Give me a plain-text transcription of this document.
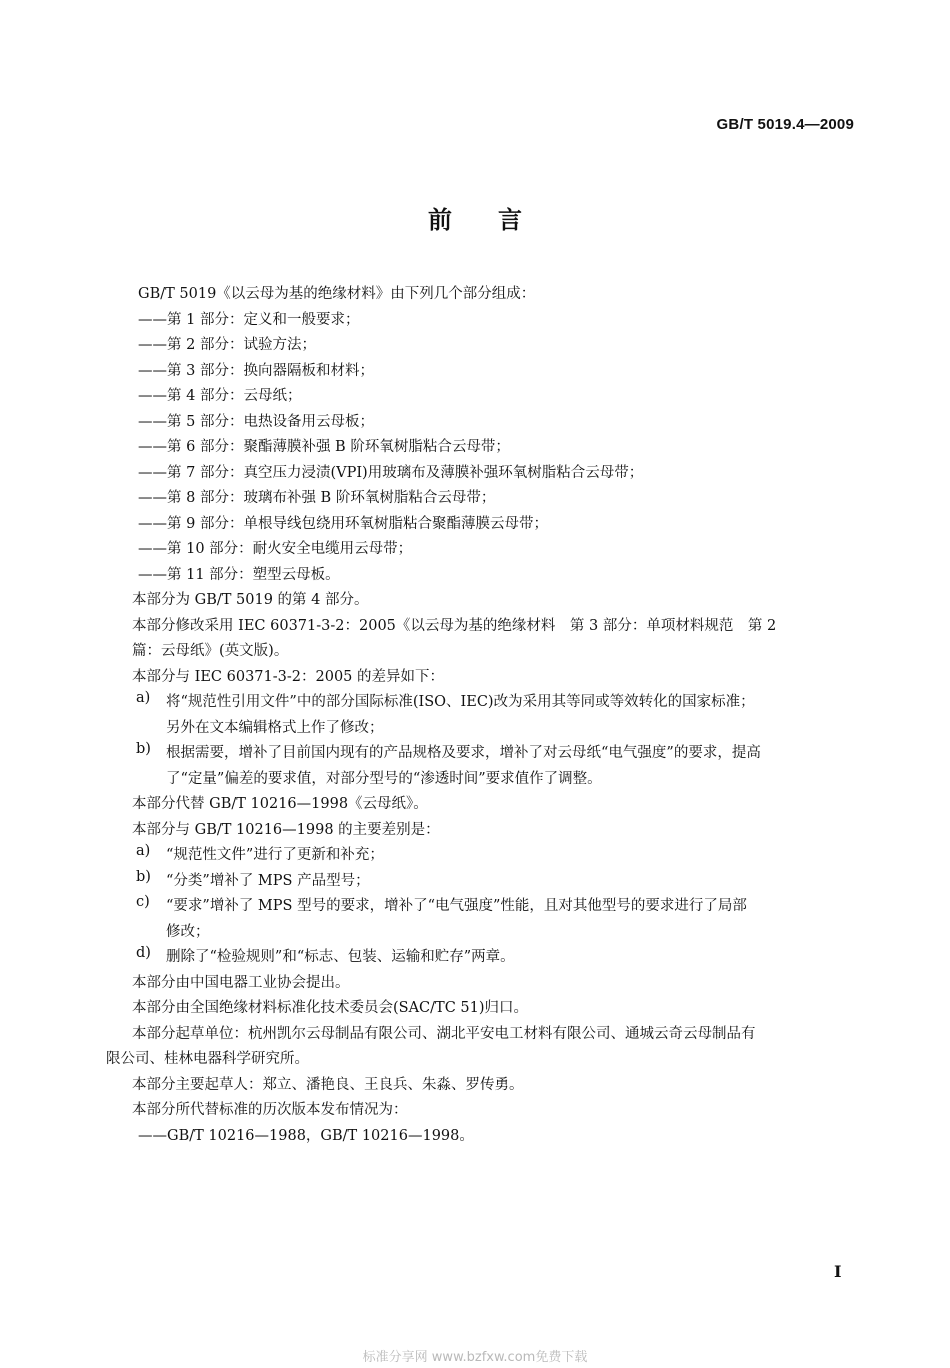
GB/T 5019.4—2009
前言
GB/T 5019《以云母为基的绝缘材料》由下列几个部分组成：
——第 1 部分：定义和一般要求；
——第 2 部分：试验方法；
——第 3 部分：换向器隔板和材料；
——第 4 部分：云母纸；
——第 5 部分：电热设备用云母板；
——第 6 部分：聚酯薄膜补强 B 阶环氧树脂粘合云母带；
——第 7 部分：真空压力浸渍(VPI)用玻璃布及薄膜补强环氧树脂粘合云母带；
——第 8 部分：玻璃布补强 B 阶环氧树脂粘合云母带；
——第 9 部分：单根导线包绕用环氧树脂粘合聚酯薄膜云母带；
——第 10 部分：耐火安全电缆用云母带；
——第 11 部分：塑型云母板。
本部分为 GB/T 5019 的第 4 部分。
本部分修改采用 IEC 60371-3-2：2005《以云母为基的绝缘材料　第 3 部分：单项材料规范　第 2
篇：云母纸》(英文版)。
本部分与 IEC 60371-3-2：2005 的差异如下：
a)	将“规范性引用文件”中的部分国际标准(ISO、IEC)改为采用其等同或等效转化的国家标准；
另外在文本编辑格式上作了修改；
b)	根据需要，增补了目前国内现有的产品规格及要求，增补了对云母纸“电气强度”的要求，提高
了“定量”偏差的要求值，对部分型号的“渗透时间”要求值作了调整。
本部分代替 GB/T 10216—1998《云母纸》。
本部分与 GB/T 10216—1998 的主要差别是：
a)	“规范性文件”进行了更新和补充；
b)	“分类”增补了 MPS 产品型号；
c)	“要求”增补了 MPS 型号的要求，增补了“电气强度”性能，且对其他型号的要求进行了局部
修改；
d)	删除了“检验规则”和“标志、包装、运输和贮存”两章。
本部分由中国电器工业协会提出。
本部分由全国绝缘材料标准化技术委员会(SAC/TC 51)归口。
本部分起草单位：杭州凯尔云母制品有限公司、湖北平安电工材料有限公司、通城云奇云母制品有
限公司、桂林电器科学研究所。
本部分主要起草人：郑立、潘艳良、王良兵、朱淼、罗传勇。
本部分所代替标准的历次版本发布情况为：
——GB/T 10216—1988，GB/T 10216—1998。
I
标准分享网 www.bzfxw.com免费下载
